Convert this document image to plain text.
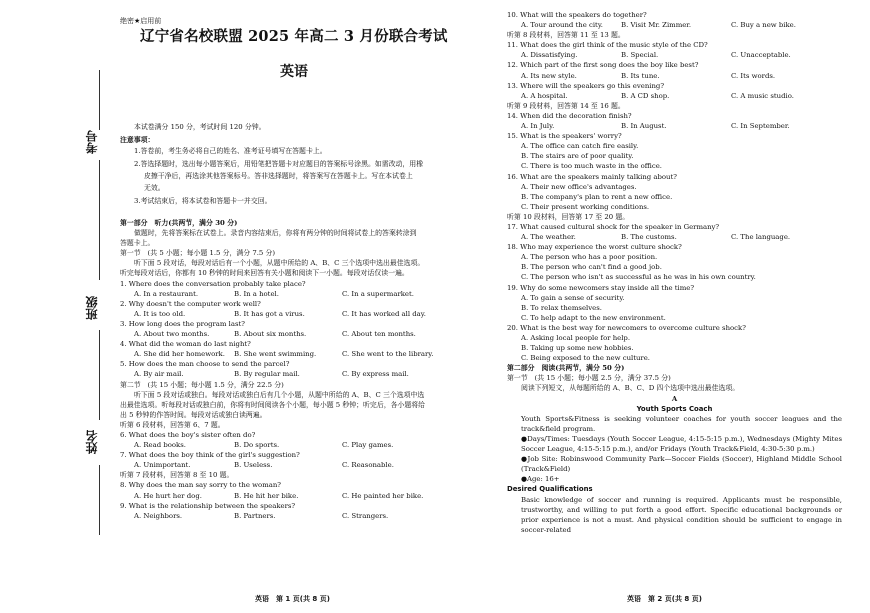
考号
班级
姓名
绝密★启用前
辽宁省名校联盟 2025 年高二 3 月份联合考试
英语
本试卷满分 150 分，考试时间 120 分钟。
注意事项：
1.答卷前，考生务必将自己的姓名、准考证号填写在答题卡上。
2.答选择题时，选出每小题答案后，用铅笔把答题卡对应题目的答案标号涂黑。如需改动，用橡
皮擦干净后，再选涂其他答案标号。答非选择题时，将答案写在答题卡上。写在本试卷上
无效。
3.考试结束后，将本试卷和答题卡一并交回。
第一部分　听力(共两节，满分 30 分)
做题时，先将答案标在试卷上。录音内容结束后，你将有两分钟的时间将试卷上的答案转涂到
答题卡上。
第一节　(共 5 小题；每小题 1.5 分，满分 7.5 分)
听下面 5 段对话，每段对话后有一个小题，从题中所给的 A、B、C 三个选项中选出最佳选项。
听完每段对话后，你都有 10 秒钟的时间来回答有关小题和阅读下一小题。每段对话仅读一遍。
1. Where does the conversation probably take place?
A. In a restaurant.	B. In a hotel.	C. In a supermarket.
2. Why doesn't the computer work well?
A. It is too old.	B. It has got a virus.	C. It has worked all day.
3. How long does the program last?
A. About two months.	B. About six months.	C. About ten months.
4. What did the woman do last night?
A. She did her homework.	B. She went swimming.	C. She went to the library.
5. How does the man choose to send the parcel?
A. By air mail.	B. By regular mail.	C. By express mail.
第二节　(共 15 小题；每小题 1.5 分，满分 22.5 分)
听下面 5 段对话或独白。每段对话或独白后有几个小题，从题中所给的 A、B、C 三个选项中选
出最佳选项。听每段对话或独白前，你将有时间阅读各个小题，每小题 5 秒钟；听完后，各小题将给
出 5 秒钟的作答时间。每段对话或独白读两遍。
听第 6 段材料，回答第 6、7 题。
6. What does the boy's sister often do?
A. Read books.	B. Do sports.	C. Play games.
7. What does the boy think of the girl's suggestion?
A. Unimportant.	B. Useless.	C. Reasonable.
听第 7 段材料，回答第 8 至 10 题。
8. Why does the man say sorry to the woman?
A. He hurt her dog.	B. He hit her bike.	C. He painted her bike.
9. What is the relationship between the speakers?
A. Neighbors.	B. Partners.	C. Strangers.
英语　第 1 页(共 8 页)
10. What will the speakers do together?
A. Tour around the city.	B. Visit Mr. Zimmer.	C. Buy a new bike.
听第 8 段材料，回答第 11 至 13 题。
11. What does the girl think of the music style of the CD?
A. Dissatisfying.	B. Special.	C. Unacceptable.
12. Which part of the first song does the boy like best?
A. Its new style.	B. Its tune.	C. Its words.
13. Where will the speakers go this evening?
A. A hospital.	B. A CD shop.	C. A music studio.
听第 9 段材料，回答第 14 至 16 题。
14. When did the decoration finish?
A. In July.	B. In August.	C. In September.
15. What is the speakers' worry?
A. The office can catch fire easily.
B. The stairs are of poor quality.
C. There is too much waste in the office.
16. What are the speakers mainly talking about?
A. Their new office's advantages.
B. The company's plan to rent a new office.
C. Their present working conditions.
听第 10 段材料，回答第 17 至 20 题。
17. What caused cultural shock for the speaker in Germany?
A. The weather.	B. The customs.	C. The language.
18. Who may experience the worst culture shock?
A. The person who has a poor position.
B. The person who can't find a good job.
C. The person who isn't as successful as he was in his own country.
19. Why do some newcomers stay inside all the time?
A. To gain a sense of security.
B. To relax themselves.
C. To help adapt to the new environment.
20. What is the best way for newcomers to overcome culture shock?
A. Asking local people for help.
B. Taking up some new hobbies.
C. Being exposed to the new culture.
第二部分　阅读(共两节，满分 50 分)
第一节　(共 15 小题；每小题 2.5 分，满分 37.5 分)
阅读下列短文，从每题所给的 A、B、C、D 四个选项中选出最佳选项。
A
Youth Sports Coach
Youth Sports&Fitness is seeking volunteer coaches for youth soccer leagues and the track&field program.
●Days/Times: Tuesdays (Youth Soccer League, 4:15-5:15 p.m.), Wednesdays (Mighty Mites Soccer League, 4:15-5:15 p.m.), and/or Fridays (Youth Track&Field, 4:30-5:30 p.m.)
●Job Site: Robinswood Community Park—Soccer Fields (Soccer), Highland Middle School (Track&Field)
●Age: 16+
Desired Qualifications
Basic knowledge of soccer and running is required. Applicants must be responsible, trustworthy, and willing to put forth a good effort. Specific educational backgrounds or prior experience is not a must. And physical condition should be sufficient to engage in soccer-related
英语　第 2 页(共 8 页)
